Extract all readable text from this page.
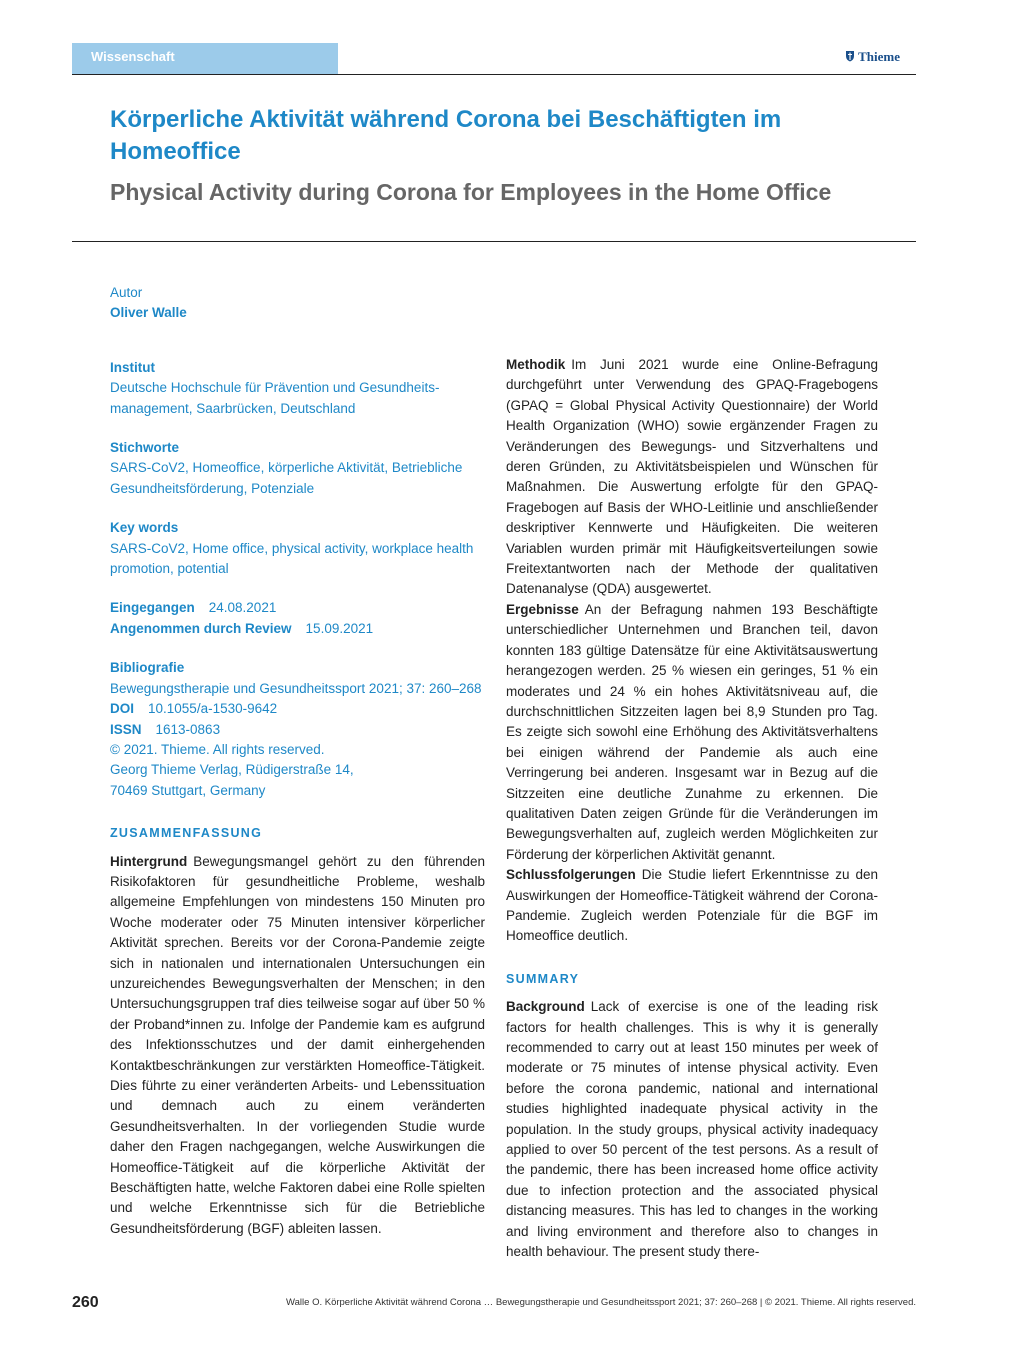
Wissenschaft	Thieme
Körperliche Aktivität während Corona bei Beschäftigten im Homeoffice
Physical Activity during Corona for Employees in the Home Office
Autor
Oliver Walle
Institut
Deutsche Hochschule für Prävention und Gesundheitsmanagement, Saarbrücken, Deutschland
Stichworte
SARS-CoV2, Homeoffice, körperliche Aktivität, Betriebliche Gesundheitsförderung, Potenziale
Key words
SARS-CoV2, Home office, physical activity, workplace health promotion, potential
Eingegangen 24.08.2021
Angenommen durch Review 15.09.2021
Bibliografie
Bewegungstherapie und Gesundheitssport 2021; 37: 260–268
DOI 10.1055/a-1530-9642
ISSN 1613-0863
© 2021. Thieme. All rights reserved.
Georg Thieme Verlag, Rüdigerstraße 14,
70469 Stuttgart, Germany
ZUSAMMENFASSUNG
Hintergrund Bewegungsmangel gehört zu den führenden Risikofaktoren für gesundheitliche Probleme, weshalb allgemeine Empfehlungen von mindestens 150 Minuten pro Woche moderater oder 75 Minuten intensiver körperlicher Aktivität sprechen. Bereits vor der Corona-Pandemie zeigte sich in nationalen und internationalen Untersuchungen ein unzureichendes Bewegungsverhalten der Menschen; in den Untersuchungsgruppen traf dies teilweise sogar auf über 50 % der Proband*innen zu. Infolge der Pandemie kam es aufgrund des Infektionsschutzes und der damit einhergehenden Kontaktbeschränkungen zur verstärkten Homeoffice-Tätigkeit. Dies führte zu einer veränderten Arbeits- und Lebenssituation und demnach auch zu einem veränderten Gesundheitsverhalten. In der vorliegenden Studie wurde daher den Fragen nachgegangen, welche Auswirkungen die Homeoffice-Tätigkeit auf die körperliche Aktivität der Beschäftigten hatte, welche Faktoren dabei eine Rolle spielten und welche Erkenntnisse sich für die Betriebliche Gesundheitsförderung (BGF) ableiten lassen.
Methodik Im Juni 2021 wurde eine Online-Befragung durchgeführt unter Verwendung des GPAQ-Fragebogens (GPAQ = Global Physical Activity Questionnaire) der World Health Organization (WHO) sowie ergänzender Fragen zu Veränderungen des Bewegungs- und Sitzverhaltens und deren Gründen, zu Aktivitätsbeispielen und Wünschen für Maßnahmen. Die Auswertung erfolgte für den GPAQ-Fragebogen auf Basis der WHO-Leitlinie und anschließender deskriptiver Kennwerte und Häufigkeiten. Die weiteren Variablen wurden primär mit Häufigkeitsverteilungen sowie Freitextantworten nach der Methode der qualitativen Datenanalyse (QDA) ausgewertet.
Ergebnisse An der Befragung nahmen 193 Beschäftigte unterschiedlicher Unternehmen und Branchen teil, davon konnten 183 gültige Datensätze für eine Aktivitätsauswertung herangezogen werden. 25 % wiesen ein geringes, 51 % ein moderates und 24 % ein hohes Aktivitätsniveau auf, die durchschnittlichen Sitzzeiten lagen bei 8,9 Stunden pro Tag. Es zeigte sich sowohl eine Erhöhung des Aktivitätsverhaltens bei einigen während der Pandemie als auch eine Verringerung bei anderen. Insgesamt war in Bezug auf die Sitzzeiten eine deutliche Zunahme zu erkennen. Die qualitativen Daten zeigen Gründe für die Veränderungen im Bewegungsverhalten auf, zugleich werden Möglichkeiten zur Förderung der körperlichen Aktivität genannt.
Schlussfolgerungen Die Studie liefert Erkenntnisse zu den Auswirkungen der Homeoffice-Tätigkeit während der Corona-Pandemie. Zugleich werden Potenziale für die BGF im Homeoffice deutlich.
SUMMARY
Background Lack of exercise is one of the leading risk factors for health challenges. This is why it is generally recommended to carry out at least 150 minutes per week of moderate or 75 minutes of intense physical activity. Even before the corona pandemic, national and international studies highlighted inadequate physical activity in the population. In the study groups, physical activity inadequacy applied to over 50 percent of the test persons. As a result of the pandemic, there has been increased home office activity due to infection protection and the associated physical distancing measures. This has led to changes in the working and living environment and therefore also to changes in health behaviour. The present study there-
260	Walle O. Körperliche Aktivität während Corona … Bewegungstherapie und Gesundheitssport 2021; 37: 260–268 | © 2021. Thieme. All rights reserved.
